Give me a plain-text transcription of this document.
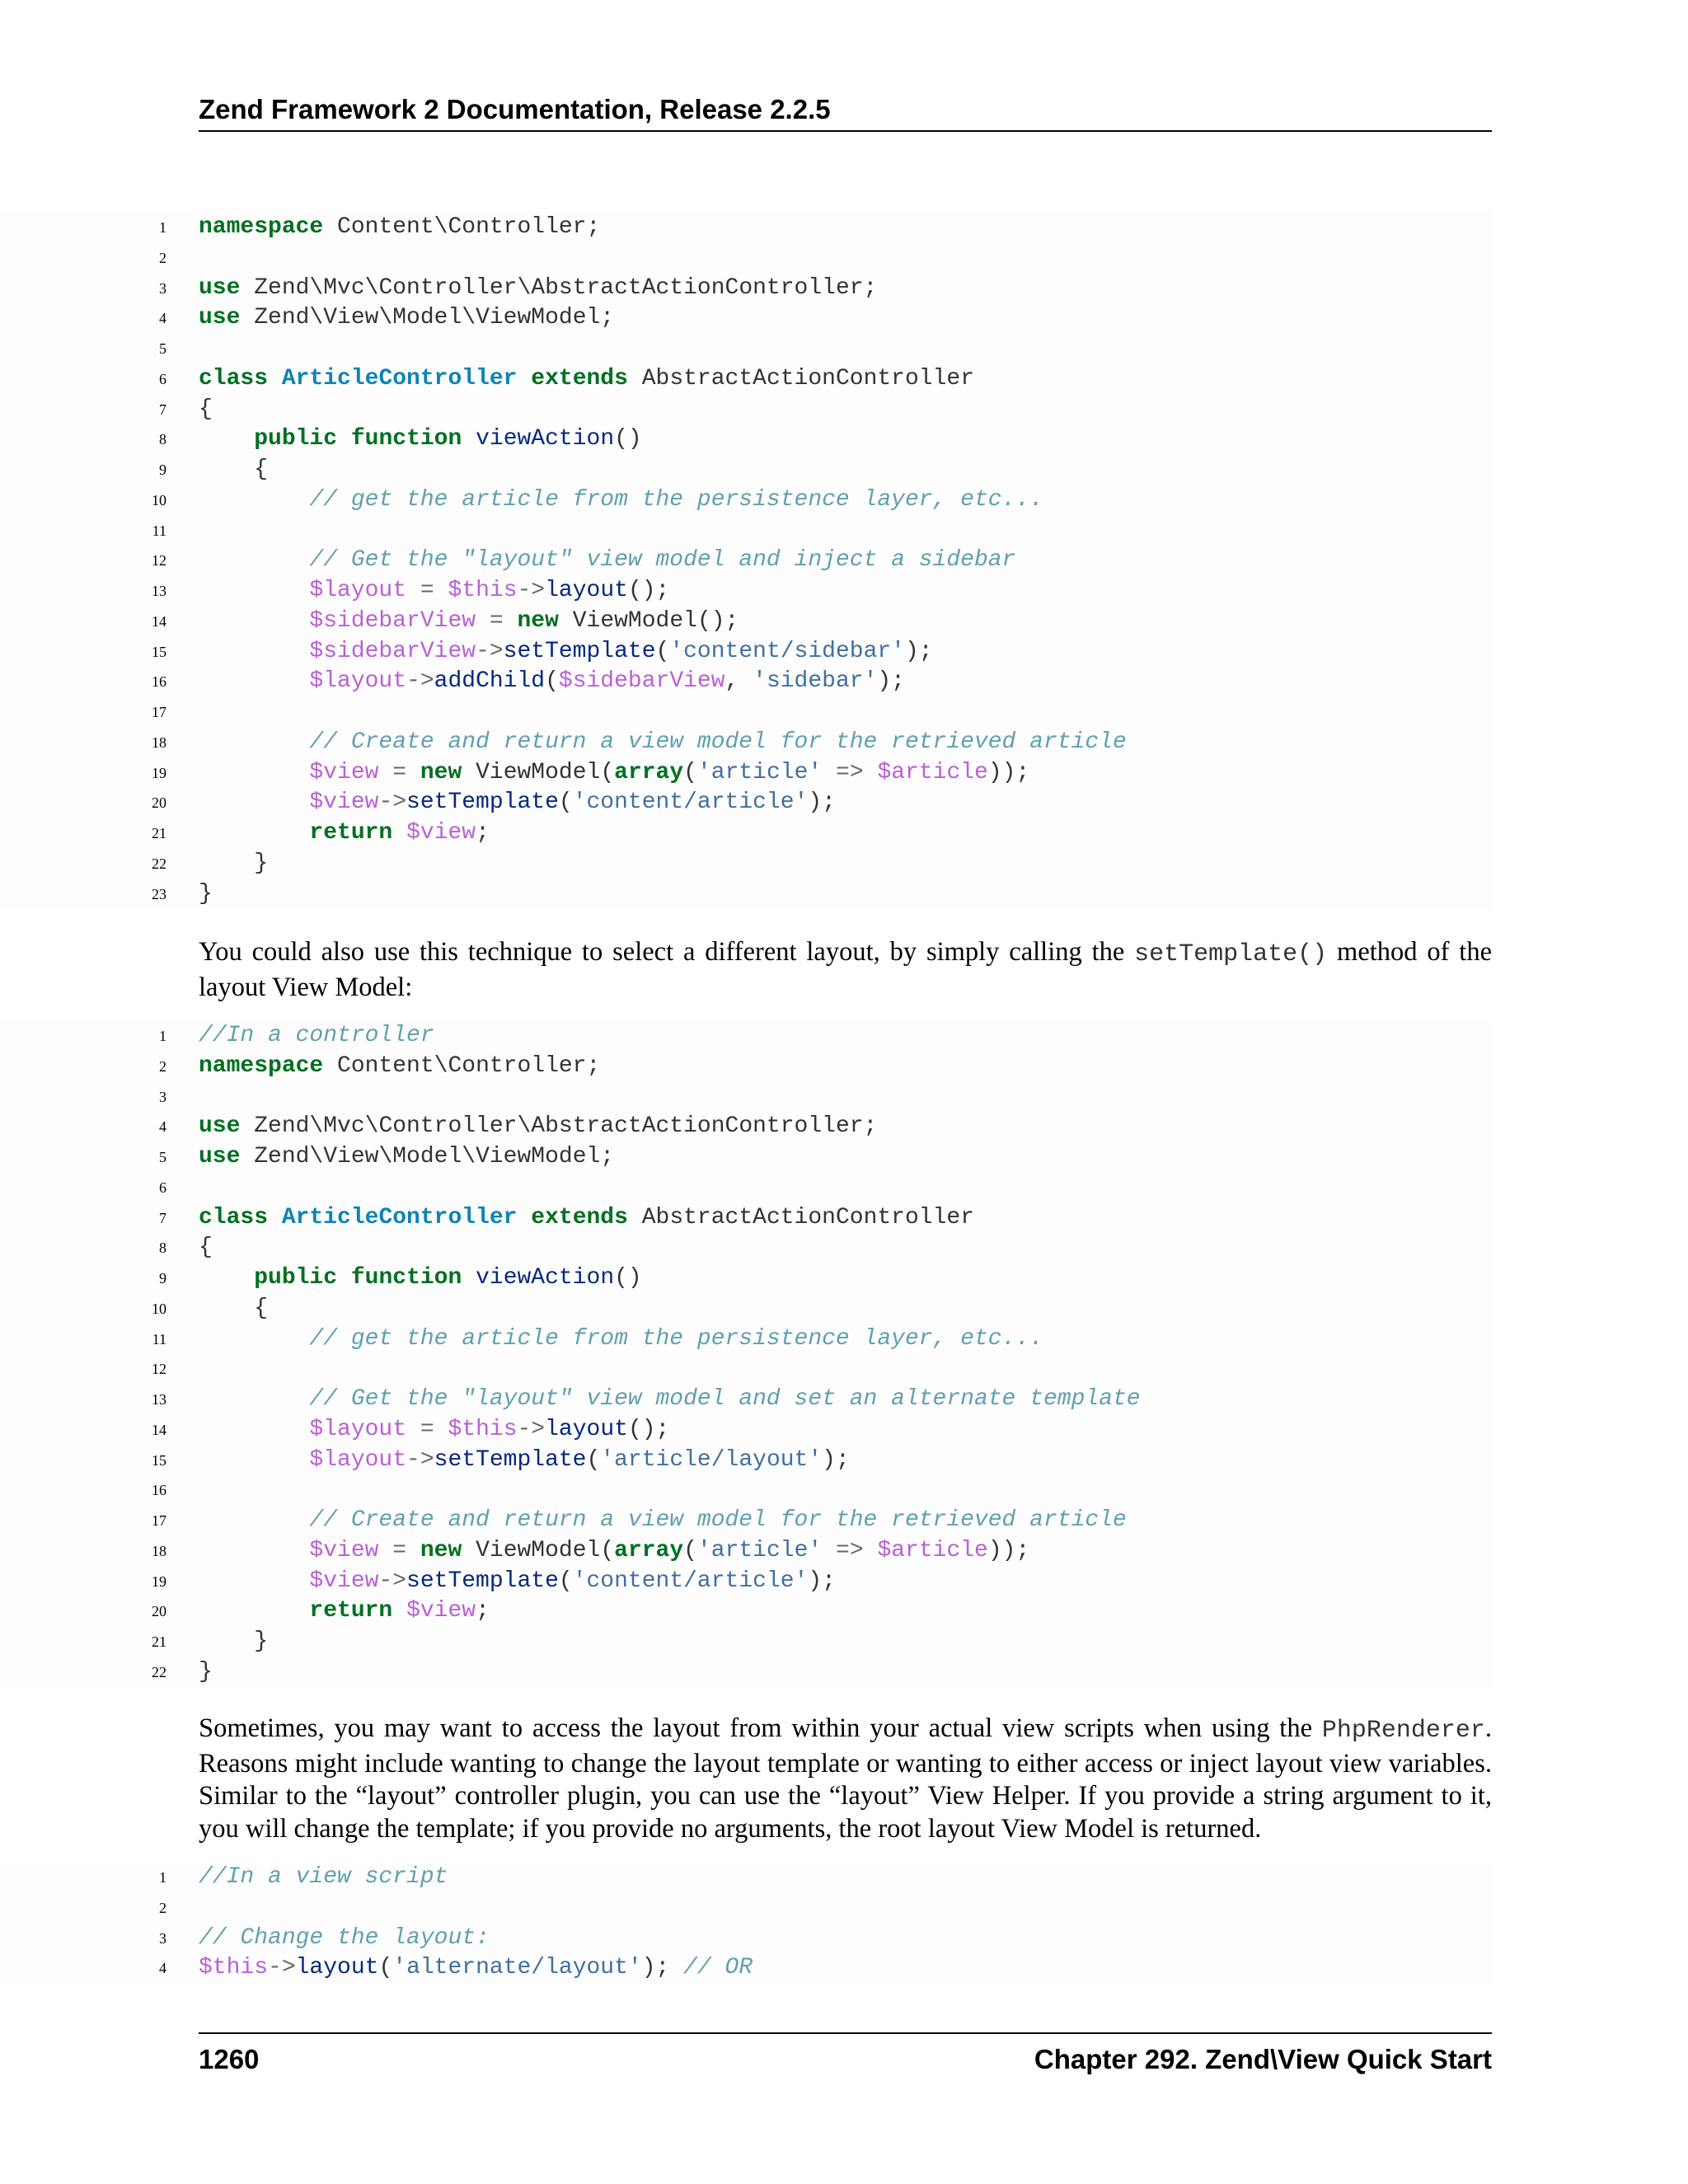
Zend Framework 2 Documentation, Release 2.2.5
1 namespace Content\Controller;
2
3 use Zend\Mvc\Controller\AbstractActionController;
4 use Zend\View\Model\ViewModel;
5
6 class ArticleController extends AbstractActionController
7 {
8	public function viewAction()
9 {
10	// get the article from the persistence layer, etc...
11
12	// Get the "layout" view model and inject a sidebar
13	$layout = $this->layout();
14	$sidebarView = new ViewModel();
15	$sidebarView->setTemplate('content/sidebar');
16	$layout->addChild($sidebarView, 'sidebar');
17
18	// Create and return a view model for the retrieved article
19	$view = new ViewModel(array('article' => $article));
20	$view->setTemplate('content/article');
21	return $view;
22 }
23 }
You could also use this technique to select a different layout, by simply calling the setTemplate() method of the layout View Model:
1 //In a controller
2 namespace Content\Controller;
3
4 use Zend\Mvc\Controller\AbstractActionController;
5 use Zend\View\Model\ViewModel;
6
7 class ArticleController extends AbstractActionController
8 {
9	public function viewAction()
10 {
11	// get the article from the persistence layer, etc...
12
13	// Get the "layout" view model and set an alternate template
14	$layout = $this->layout();
15	$layout->setTemplate('article/layout');
16
17	// Create and return a view model for the retrieved article
18	$view = new ViewModel(array('article' => $article));
19	$view->setTemplate('content/article');
20	return $view;
21 }
22 }
Sometimes, you may want to access the layout from within your actual view scripts when using the PhpRenderer. Reasons might include wanting to change the layout template or wanting to either access or inject layout view variables. Similar to the “layout” controller plugin, you can use the “layout” View Helper. If you provide a string argument to it, you will change the template; if you provide no arguments, the root layout View Model is returned.
1 //In a view script
2
3 // Change the layout:
4 $this->layout('alternate/layout'); // OR
1260	Chapter 292. Zend\View Quick Start
